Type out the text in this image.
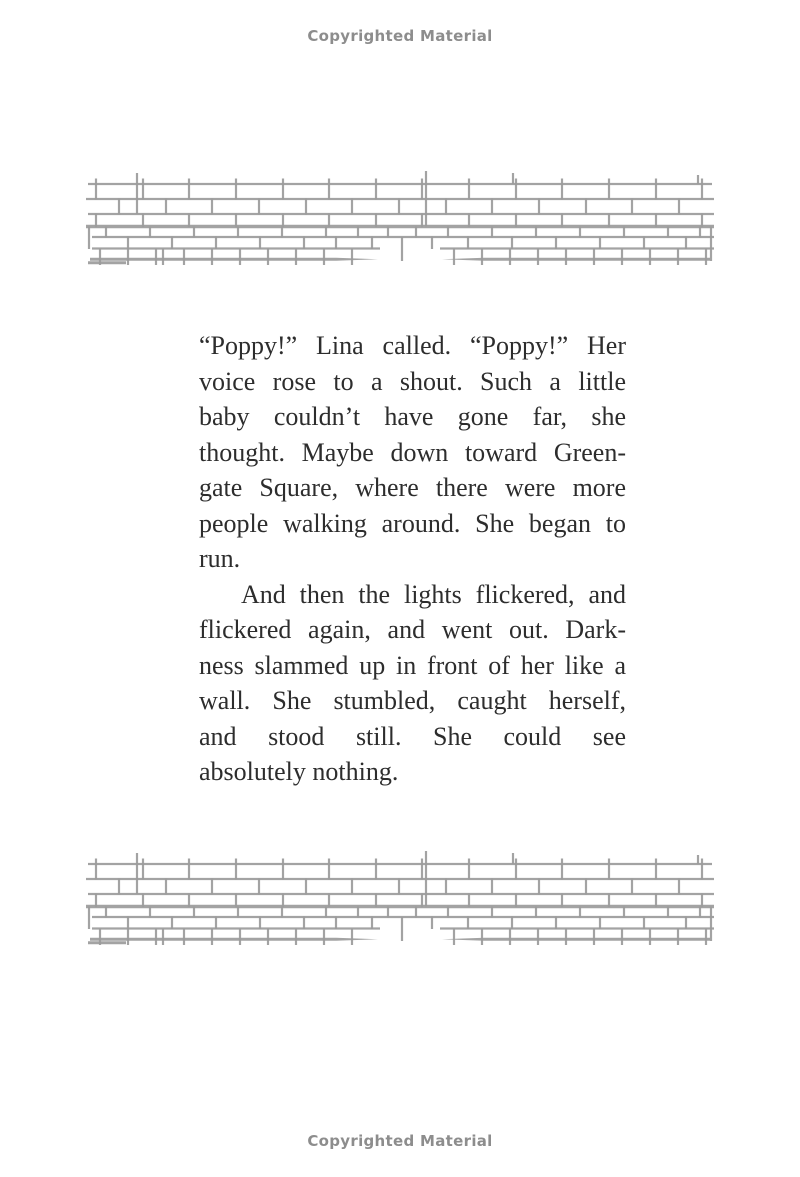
Copyrighted Material
“Poppy!” Lina called. “Poppy!” Her
voice rose to a shout. Such a little
baby couldn’t have gone far, she
thought. Maybe down toward Green-
gate Square, where there were more
people walking around. She began to
run.
And then the lights flickered, and
flickered again, and went out. Dark-
ness slammed up in front of her like a
wall. She stumbled, caught herself,
and stood still. She could see
absolutely nothing.
Copyrighted Material
